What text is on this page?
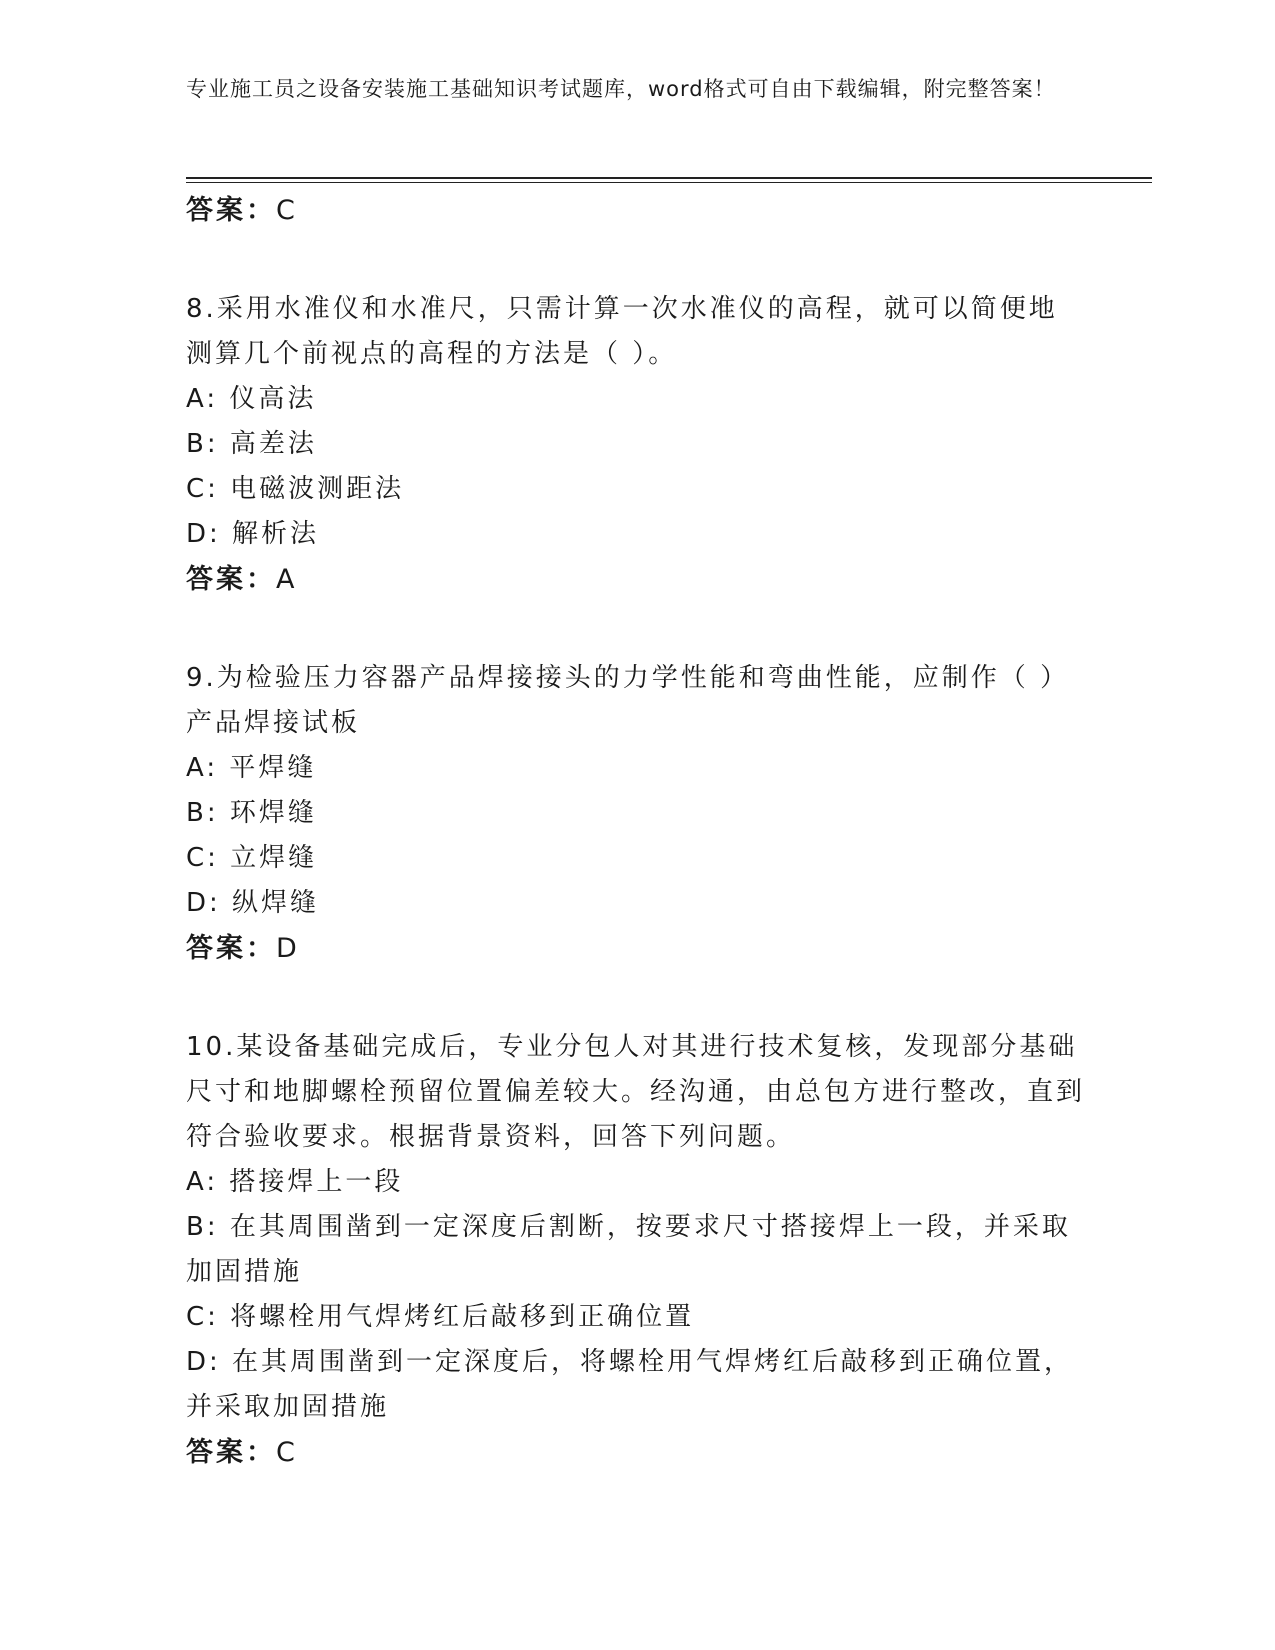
专业施工员之设备安装施工基础知识考试题库，word格式可自由下载编辑，附完整答案！
答案：C
8.采用水准仪和水准尺，只需计算一次水准仪的高程，就可以简便地测算几个前视点的高程的方法是（ ）。
A: 仪高法
B: 高差法
C: 电磁波测距法
D: 解析法
答案：A
9.为检验压力容器产品焊接接头的力学性能和弯曲性能，应制作（ ）产品焊接试板
A: 平焊缝
B: 环焊缝
C: 立焊缝
D: 纵焊缝
答案：D
10.某设备基础完成后，专业分包人对其进行技术复核，发现部分基础尺寸和地脚螺栓预留位置偏差较大。经沟通，由总包方进行整改，直到符合验收要求。根据背景资料，回答下列问题。
A: 搭接焊上一段
B: 在其周围凿到一定深度后割断，按要求尺寸搭接焊上一段，并采取加固措施
C: 将螺栓用气焊烤红后敲移到正确位置
D: 在其周围凿到一定深度后，将螺栓用气焊烤红后敲移到正确位置，并采取加固措施
答案：C
